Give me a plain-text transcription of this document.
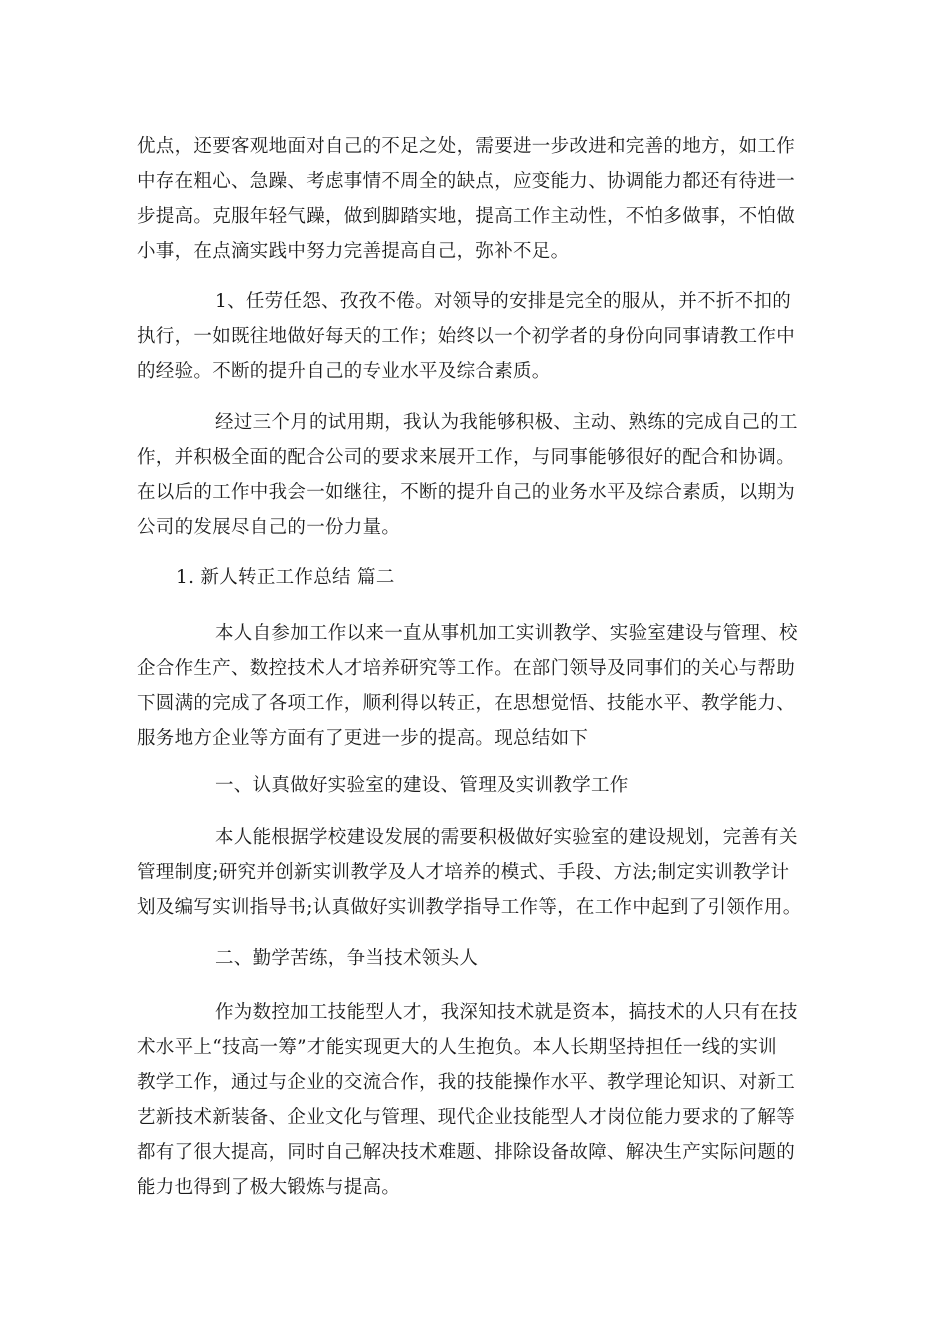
优点，还要客观地面对自己的不足之处，需要进一步改进和完善的地方，如工作
中存在粗心、急躁、考虑事情不周全的缺点，应变能力、协调能力都还有待进一
步提高。克服年轻气躁，做到脚踏实地，提高工作主动性，不怕多做事，不怕做
小事，在点滴实践中努力完善提高自己，弥补不足。
1、任劳任怨、孜孜不倦。对领导的安排是完全的服从，并不折不扣的
执行，一如既往地做好每天的工作；始终以一个初学者的身份向同事请教工作中
的经验。不断的提升自己的专业水平及综合素质。
经过三个月的试用期，我认为我能够积极、主动、熟练的完成自己的工
作，并积极全面的配合公司的要求来展开工作，与同事能够很好的配合和协调。
在以后的工作中我会一如继往，不断的提升自己的业务水平及综合素质，以期为
公司的发展尽自己的一份力量。
1. 新人转正工作总结 篇二
本人自参加工作以来一直从事机加工实训教学、实验室建设与管理、校
企合作生产、数控技术人才培养研究等工作。在部门领导及同事们的关心与帮助
下圆满的完成了各项工作，顺利得以转正，在思想觉悟、技能水平、教学能力、
服务地方企业等方面有了更进一步的提高。现总结如下
一、认真做好实验室的建设、管理及实训教学工作
本人能根据学校建设发展的需要积极做好实验室的建设规划，完善有关
管理制度;研究并创新实训教学及人才培养的模式、手段、方法;制定实训教学计
划及编写实训指导书;认真做好实训教学指导工作等，在工作中起到了引领作用。
二、勤学苦练，争当技术领头人
作为数控加工技能型人才，我深知技术就是资本，搞技术的人只有在技
术水平上“技高一筹”才能实现更大的人生抱负。本人长期坚持担任一线的实训
教学工作，通过与企业的交流合作，我的技能操作水平、教学理论知识、对新工
艺新技术新装备、企业文化与管理、现代企业技能型人才岗位能力要求的了解等
都有了很大提高，同时自己解决技术难题、排除设备故障、解决生产实际问题的
能力也得到了极大锻炼与提高。
